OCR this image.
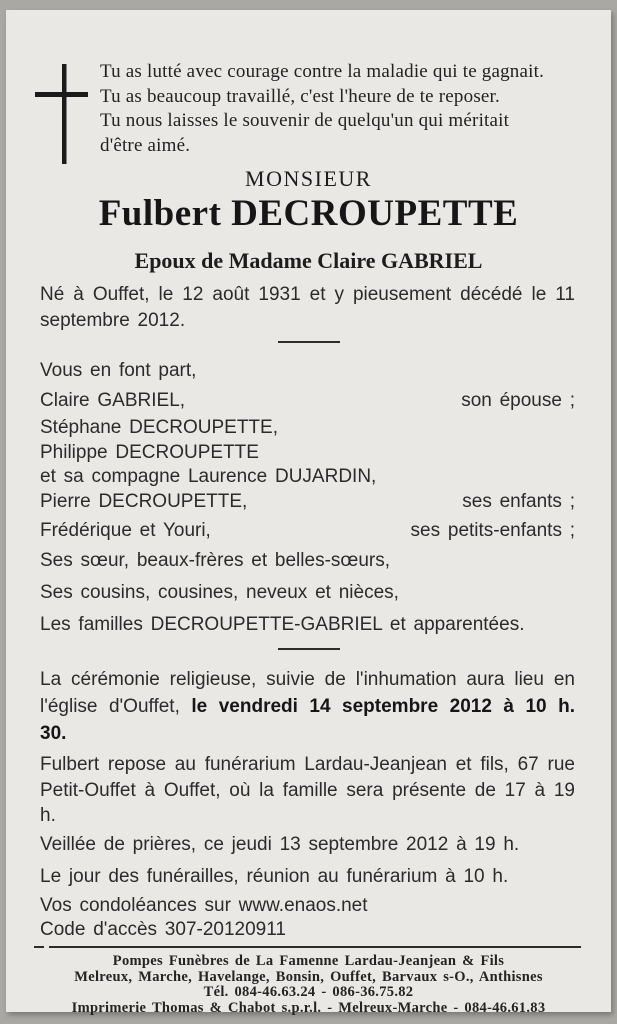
Tu as lutté avec courage contre la maladie qui te gagnait.
Tu as beaucoup travaillé, c'est l'heure de te reposer.
Tu nous laisses le souvenir de quelqu'un qui méritait
d'être aimé.
MONSIEUR
Fulbert DECROUPETTE
Epoux de Madame Claire GABRIEL

Né à Ouffet, le 12 août 1931 et y pieusement décédé le 11 septembre 2012.

Vous en font part,
Claire GABRIEL,	son épouse ;
Stéphane DECROUPETTE,
Philippe DECROUPETTE
et sa compagne Laurence DUJARDIN,
Pierre DECROUPETTE,	ses enfants ;
Frédérique et Youri,	ses petits-enfants ;
Ses sœur, beaux-frères et belles-sœurs,
Ses cousins, cousines, neveux et nièces,
Les familles DECROUPETTE-GABRIEL et apparentées.

La cérémonie religieuse, suivie de l'inhumation aura lieu en l'église d'Ouffet, le vendredi 14 septembre 2012 à 10 h. 30.

Fulbert repose au funérarium Lardau-Jeanjean et fils, 67 rue Petit-Ouffet à Ouffet, où la famille sera présente de 17 à 19 h.

Veillée de prières, ce jeudi 13 septembre 2012 à 19 h.
Le jour des funérailles, réunion au funérarium à 10 h.
Vos condoléances sur www.enaos.net
Code d'accès 307-20120911
Pompes Funèbres de La Famenne Lardau-Jeanjean & Fils
Melreux, Marche, Havelange, Bonsin, Ouffet, Barvaux s-O., Anthisnes
Tél. 084-46.63.24 - 086-36.75.82
Imprimerie Thomas & Chabot s.p.r.l. - Melreux-Marche - 084-46.61.83
